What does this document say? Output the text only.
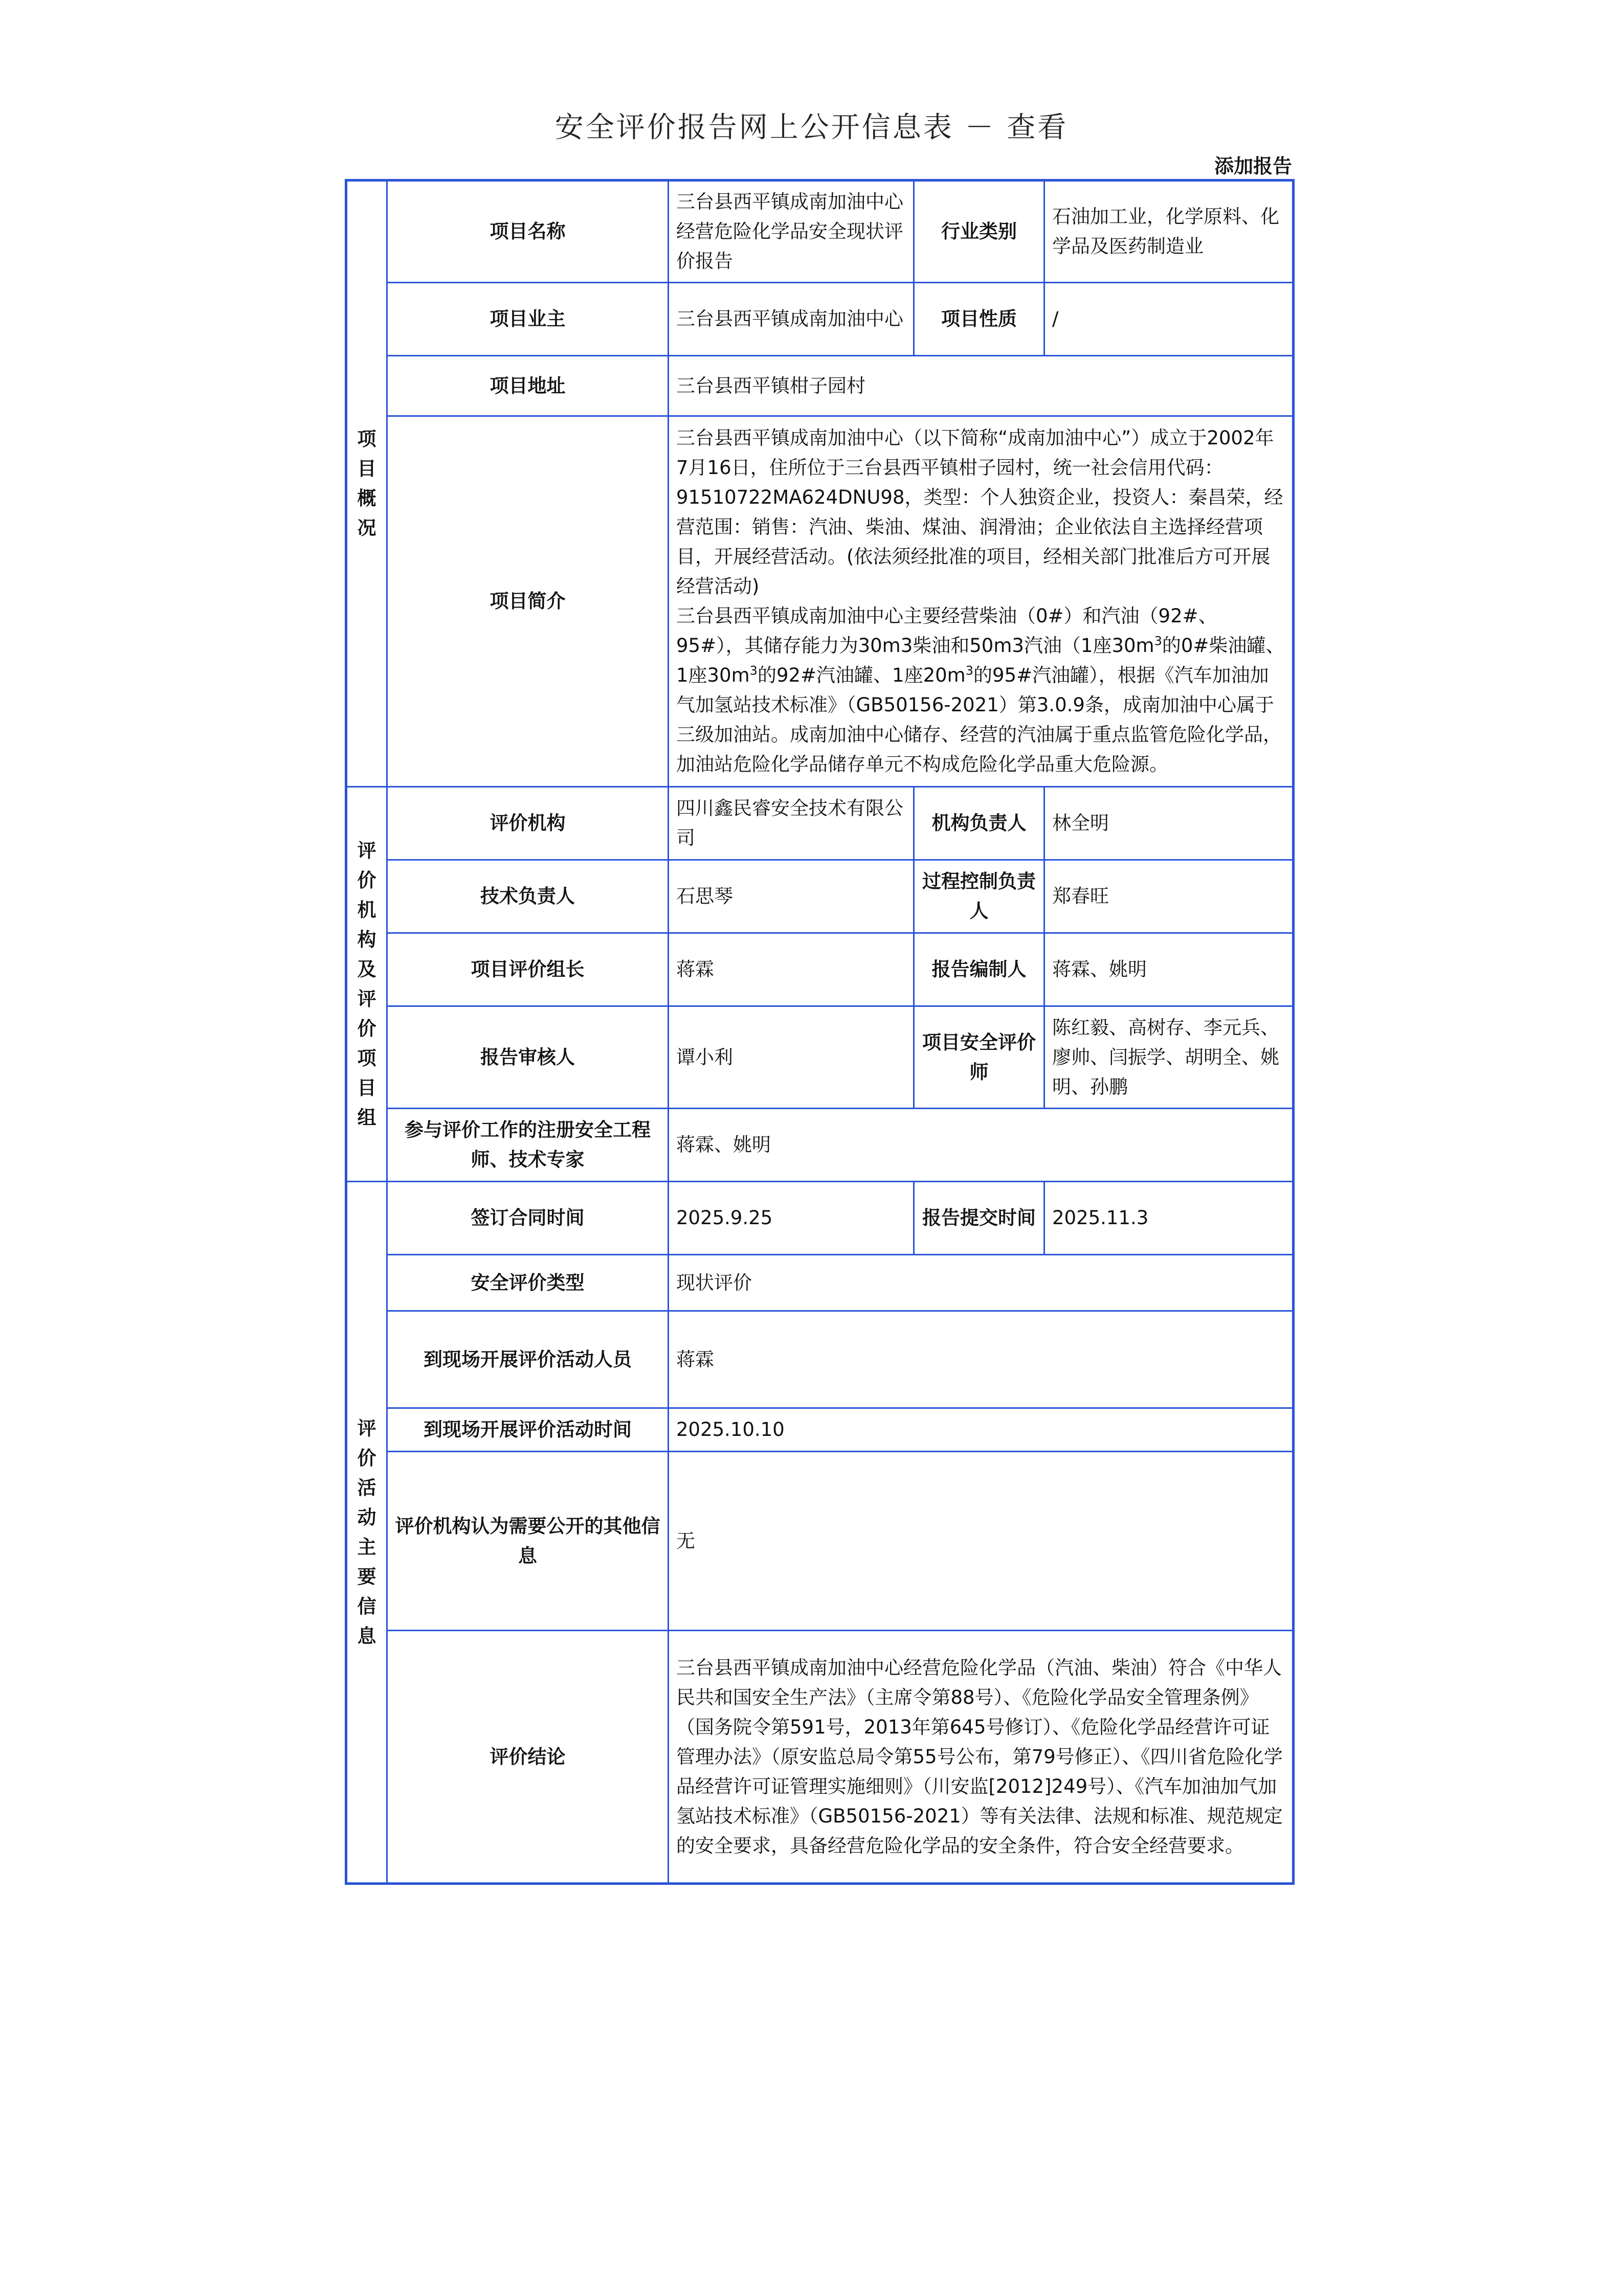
安全评价报告网上公开信息表 － 查看
添加报告
项目概况	项目名称	三台县西平镇成南加油中心经营危险化学品安全现状评价报告	行业类别	石油加工业，化学原料、化学品及医药制造业
	项目业主	三台县西平镇成南加油中心	项目性质	/
	项目地址	三台县西平镇柑子园村		
	项目简介	三台县西平镇成南加油中心（以下简称“成南加油中心”）成立于2002年7月16日，住所位于三台县西平镇柑子园村，统一社会信用代码：91510722MA624DNU98，类型：个人独资企业，投资人：秦昌荣，经营范围：销售：汽油、柴油、煤油、润滑油；企业依法自主选择经营项目，开展经营活动。(依法须经批准的项目，经相关部门批准后方可开展经营活动)
三台县西平镇成南加油中心主要经营柴油（0#）和汽油（92#、95#），其储存能力为30m3柴油和50m3汽油（1座$30m^3$的0#柴油罐、1座$30m^3$的92#汽油罐、1座$20m^3$的95#汽油罐），根据《汽车加油加气加氢站技术标准》（GB50156-2021）第3.0.9条，成南加油中心属于三级加油站。成南加油中心储存、经营的汽油属于重点监管危险化学品，加油站危险化学品储存单元不构成危险化学品重大危险源。		

评价机构及评价项目组	评价机构	四川鑫民睿安全技术有限公司	机构负责人	林全明
	技术负责人	石思琴	过程控制负责人	郑春旺
	项目评价组长	蒋霖	报告编制人	蒋霖、姚明
	报告审核人	谭小利	项目安全评价师	陈红毅、高树存、李元兵、廖帅、闫振学、胡明全、姚明、孙鹏
	参与评价工作的注册安全工程师、技术专家	蒋霖、姚明		

评价活动主要信息	签订合同时间	2025.9.25	报告提交时间	2025.11.3
	安全评价类型	现状评价		
	到现场开展评价活动人员	蒋霖		
	到现场开展评价活动时间	2025.10.10		
	评价机构认为需要公开的其他信息	无		
	评价结论	三台县西平镇成南加油中心经营危险化学品（汽油、柴油）符合《中华人民共和国安全生产法》（主席令第88号）、《危险化学品安全管理条例》（国务院令第591号，2013年第645号修订）、《危险化学品经营许可证管理办法》（原安监总局令第55号公布，第79号修正）、《四川省危险化学品经营许可证管理实施细则》（川安监[2012]249号）、《汽车加油加气加氢站技术标准》（GB50156-2021）等有关法律、法规和标准、规范规定的安全要求，具备经营危险化学品的安全条件，符合安全经营要求。		
